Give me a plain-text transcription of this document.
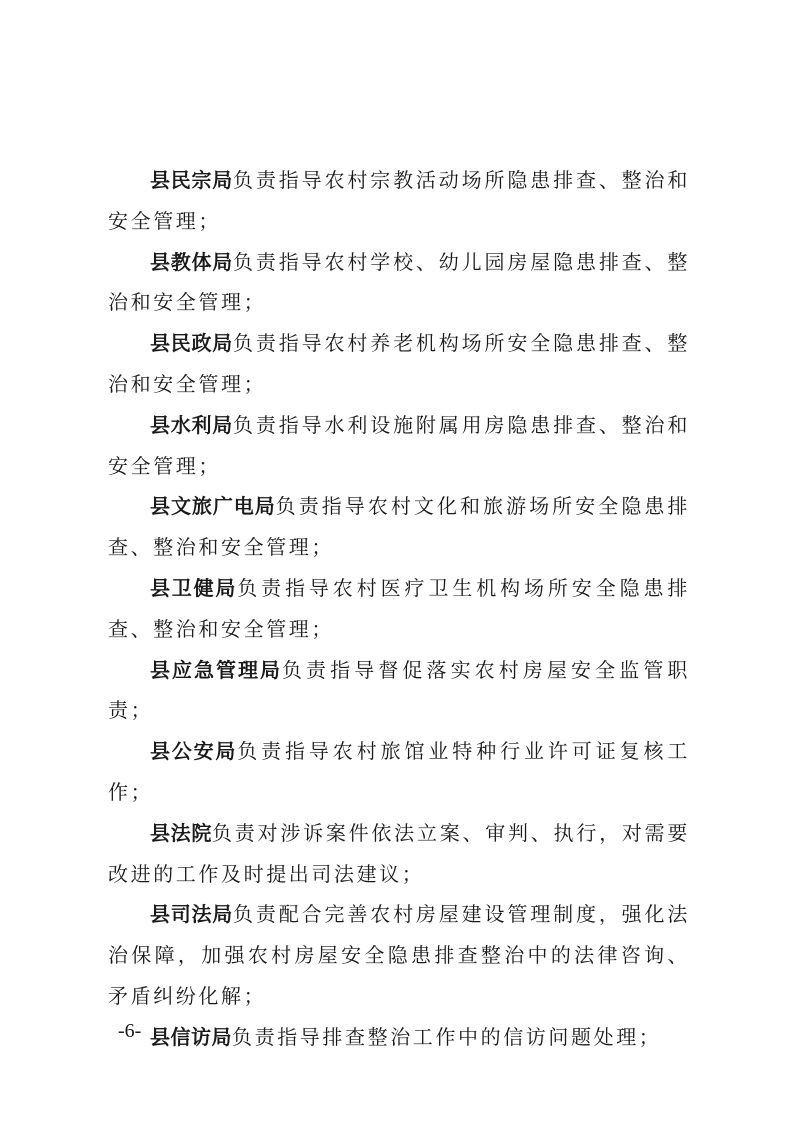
县民宗局负责指导农村宗教活动场所隐患排查、整治和安全管理；

县教体局负责指导农村学校、幼儿园房屋隐患排查、整治和安全管理；

县民政局负责指导农村养老机构场所安全隐患排查、整治和安全管理；

县水利局负责指导水利设施附属用房隐患排查、整治和安全管理；

县文旅广电局负责指导农村文化和旅游场所安全隐患排查、整治和安全管理；

县卫健局负责指导农村医疗卫生机构场所安全隐患排查、整治和安全管理；

县应急管理局负责指导督促落实农村房屋安全监管职责；

县公安局负责指导农村旅馆业特种行业许可证复核工作；

县法院负责对涉诉案件依法立案、审判、执行，对需要改进的工作及时提出司法建议；

县司法局负责配合完善农村房屋建设管理制度，强化法治保障，加强农村房屋安全隐患排查整治中的法律咨询、矛盾纠纷化解；

县信访局负责指导排查整治工作中的信访问题处理；

-6-
